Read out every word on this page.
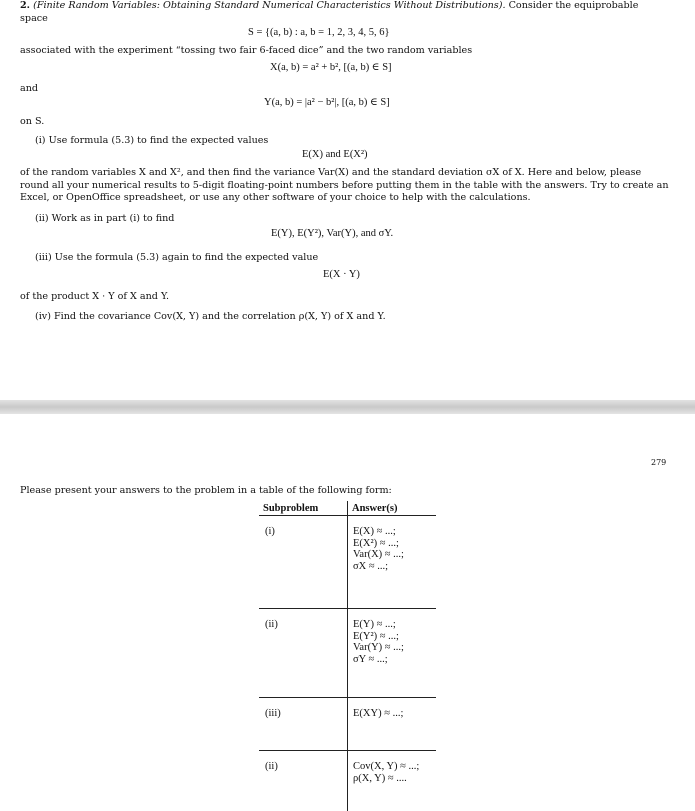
2. (Finite Random Variables: Obtaining Standard Numerical Characteristics Without Distributions). Consider the equiprobable
space
S = {(a, b) : a, b = 1, 2, 3, 4, 5, 6}
associated with the experiment “tossing two fair 6-faced dice” and the two random variables
X(a, b) = a² + b², [(a, b) ∈ S]
and
Y(a, b) = |a² − b²|, [(a, b) ∈ S]
on S.
(i) Use formula (5.3) to find the expected values
E(X) and E(X²)
of the random variables X and X², and then find the variance Var(X) and the standard deviation σX of X. Here and below, please
round all your numerical results to 5-digit floating-point numbers before putting them in the table with the answers. Try to create an
Excel, or OpenOffice spreadsheet, or use any other software of your choice to help with the calculations.
(ii) Work as in part (i) to find
E(Y), E(Y²), Var(Y), and σY.
(iii) Use the formula (5.3) again to find the expected value
E(X · Y)
of the product X · Y of X and Y.
(iv) Find the covariance Cov(X, Y) and the correlation ρ(X, Y) of X and Y.
279
Please present your answers to the problem in a table of the following form:
Subproblem	Answer(s)

(i)	E(X) ≈ ...;
E(X²) ≈ ...;
Var(X) ≈ ...;
σX ≈ ...;

(ii)	E(Y) ≈ ...;
E(Y²) ≈ ...;
Var(Y) ≈ ...;
σY ≈ ...;

(iii)	E(XY) ≈ ...;

(ii)	Cov(X, Y) ≈ ...;
ρ(X, Y) ≈ ....
